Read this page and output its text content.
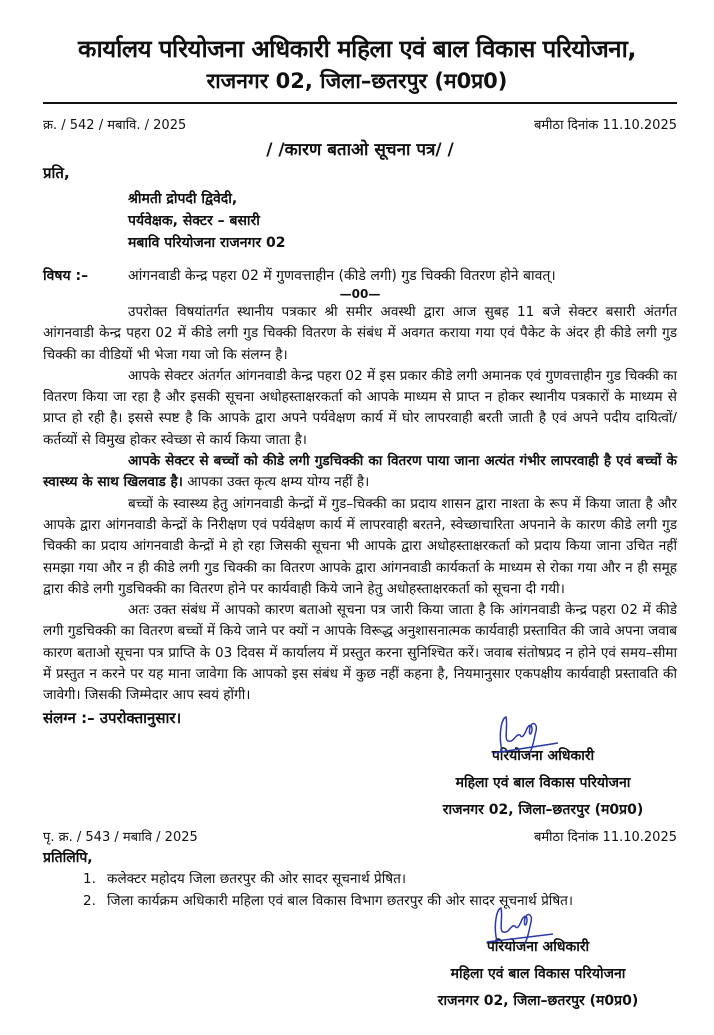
कार्यालय परियोजना अधिकारी महिला एवं बाल विकास परियोजना,
राजनगर 02, जिला–छतरपुर (म0प्र0)
क्र. / 542 / मबावि. / 2025	बमीठा दिनांक 11.10.2025
/ /कारण बताओ सूचना पत्र/ /
प्रति,
श्रीमती द्रोपदी द्विवेदी,
पर्यवेक्षक, सेक्टर – बसारी
मबावि परियोजना राजनगर 02
विषय :–	आंगनवाडी केन्द्र पहरा 02 में गुणवत्ताहीन (कीडे लगी) गुड चिक्की वितरण होने बावत्।
—00—

उपरोक्त विषयांतर्गत स्थानीय पत्रकार श्री समीर अवस्थी द्वारा आज सुबह 11 बजे सेक्टर बसारी अंतर्गत आंगनवाडी केन्द्र पहरा 02 में कीडे लगी गुड चिक्की वितरण के संबंध में अवगत कराया गया एवं पैकेट के अंदर ही कीडे लगी गुड चिक्की का वीडियों भी भेजा गया जो कि संलग्न है।

आपके सेक्टर अंतर्गत आंगनवाडी केन्द्र पहरा 02 में इस प्रकार कीडे लगी अमानक एवं गुणवत्ताहीन गुड चिक्की का वितरण किया जा रहा है और इसकी सूचना अधोहस्ताक्षरकर्ता को आपके माध्यम से प्राप्त न होकर स्थानीय पत्रकारों के माध्यम से प्राप्त हो रही है। इससे स्पष्ट है कि आपके द्वारा अपने पर्यवेक्षण कार्य में घोर लापरवाही बरती जाती है एवं अपने पदीय दायित्वों/कर्तव्यों से विमुख होकर स्वेच्छा से कार्य किया जाता है।

आपके सेक्टर से बच्चों को कीडे लगी गुडचिक्की का वितरण पाया जाना अत्यंत गंभीर लापरवाही है एवं बच्चों के स्वास्थ्य के साथ खिलवाड है। आपका उक्त कृत्य क्षम्य योग्य नहीं है।

बच्चों के स्वास्थ्य हेतु आंगनवाडी केन्द्रों में गुड–चिक्की का प्रदाय शासन द्वारा नाश्ता के रूप में किया जाता है और आपके द्वारा आंगनवाडी केन्द्रों के निरीक्षण एवं पर्यवेक्षण कार्य में लापरवाही बरतने, स्वेच्छाचारिता अपनाने के कारण कीडे लगी गुड चिक्की का प्रदाय आंगनवाडी केन्द्रों मे हो रहा जिसकी सूचना भी आपके द्वारा अधोहस्ताक्षरकर्ता को प्रदाय किया जाना उचित नहीं समझा गया और न ही कीडे लगी गुड चिक्की का वितरण आपके द्वारा आंगनवाडी कार्यकर्ता के माध्यम से रोका गया और न ही समूह द्वारा कीडे लगी गुडचिक्की का वितरण होने पर कार्यवाही किये जाने हेतु अधोहस्ताक्षरकर्ता को सूचना दी गयी।

अतः उक्त संबंध में आपको कारण बताओ सूचना पत्र जारी किया जाता है कि आंगनवाडी केन्द्र पहरा 02 में कीडे लगी गुडचिक्की का वितरण बच्चों में किये जाने पर क्यों न आपके विरूद्ध अनुशासनात्मक कार्यवाही प्रस्तावित की जावे अपना जवाब कारण बताओ सूचना पत्र प्राप्ति के 03 दिवस में कार्यालय में प्रस्तुत करना सुनिश्चित करें। जवाब संतोषप्रद न होने एवं समय–सीमा में प्रस्तुत न करने पर यह माना जावेगा कि आपको इस संबंध में कुछ नहीं कहना है, नियमानुसार एकपक्षीय कार्यवाही प्रस्तावति की जावेगी। जिसकी जिम्मेदार आप स्वयं होंगी।

संलग्न :– उपरोक्तानुसार।
परियोजना अधिकारी
महिला एवं बाल विकास परियोजना
राजनगर 02, जिला–छतरपुर (म0प्र0)
पृ. क्र. / 543 / मबावि / 2025	बमीठा दिनांक 11.10.2025
प्रतिलिपि,
1. कलेक्टर महोदय जिला छतरपुर की ओर सादर सूचनार्थ प्रेषित।
2. जिला कार्यक्रम अधिकारी महिला एवं बाल विकास विभाग छतरपुर की ओर सादर सूचनार्थ प्रेषित।
परियोजना अधिकारी
महिला एवं बाल विकास परियोजना
राजनगर 02, जिला–छतरपुर (म0प्र0)
